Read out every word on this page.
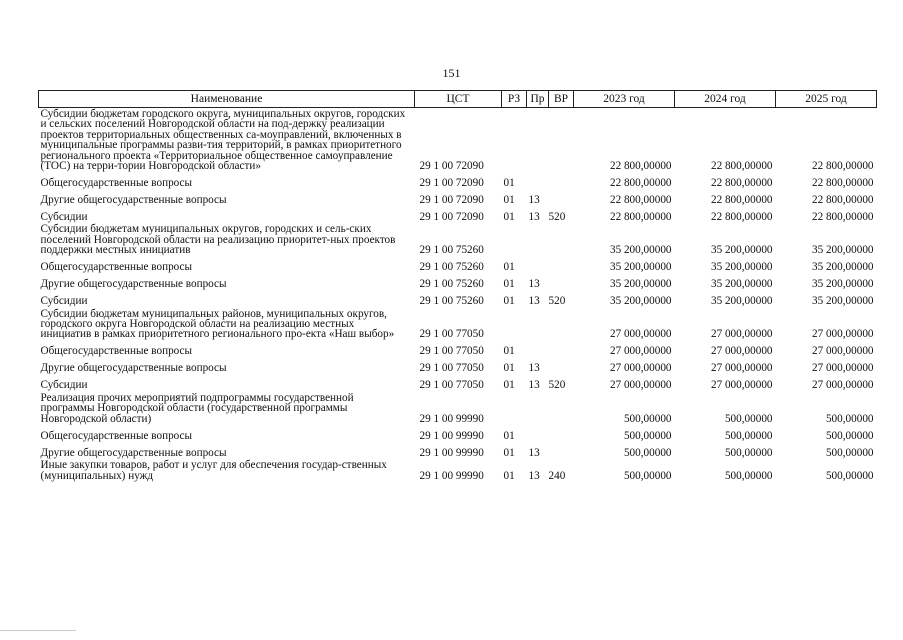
151
Наименование	ЦСТ	РЗ	Пр	ВР	2023 год	2024 год	2025 год
Субсидии бюджетам городского округа, муниципальных округов, городских и сельских поселений Новгородской области на под-держку реализации проектов территориальных общественных са-моуправлений, включенных в муниципальные программы разви-тия территорий, в рамках приоритетного регионального проекта «Территориальное общественное самоуправление (ТОС) на терри-тории Новгородской области»	29 1 00 72090				22 800,00000	22 800,00000	22 800,00000
Общегосударственные вопросы	29 1 00 72090	01			22 800,00000	22 800,00000	22 800,00000
Другие общегосударственные вопросы	29 1 00 72090	01	13		22 800,00000	22 800,00000	22 800,00000
Субсидии	29 1 00 72090	01	13	520	22 800,00000	22 800,00000	22 800,00000
Субсидии бюджетам муниципальных округов, городских и сель-ских поселений Новгородской области на реализацию приоритет-ных проектов поддержки местных инициатив	29 1 00 75260				35 200,00000	35 200,00000	35 200,00000
Общегосударственные вопросы	29 1 00 75260	01			35 200,00000	35 200,00000	35 200,00000
Другие общегосударственные вопросы	29 1 00 75260	01	13		35 200,00000	35 200,00000	35 200,00000
Субсидии	29 1 00 75260	01	13	520	35 200,00000	35 200,00000	35 200,00000
Субсидии бюджетам муниципальных районов, муниципальных округов, городского округа Новгородской области на реализацию местных инициатив в рамках приоритетного регионального про-екта «Наш выбор»	29 1 00 77050				27 000,00000	27 000,00000	27 000,00000
Общегосударственные вопросы	29 1 00 77050	01			27 000,00000	27 000,00000	27 000,00000
Другие общегосударственные вопросы	29 1 00 77050	01	13		27 000,00000	27 000,00000	27 000,00000
Субсидии	29 1 00 77050	01	13	520	27 000,00000	27 000,00000	27 000,00000
Реализация прочих мероприятий подпрограммы государственной программы Новгородской области (государственной программы Новгородской области)	29 1 00 99990				500,00000	500,00000	500,00000
Общегосударственные вопросы	29 1 00 99990	01			500,00000	500,00000	500,00000
Другие общегосударственные вопросы	29 1 00 99990	01	13		500,00000	500,00000	500,00000
Иные закупки товаров, работ и услуг для обеспечения государ-ственных (муниципальных) нужд	29 1 00 99990	01	13	240	500,00000	500,00000	500,00000
